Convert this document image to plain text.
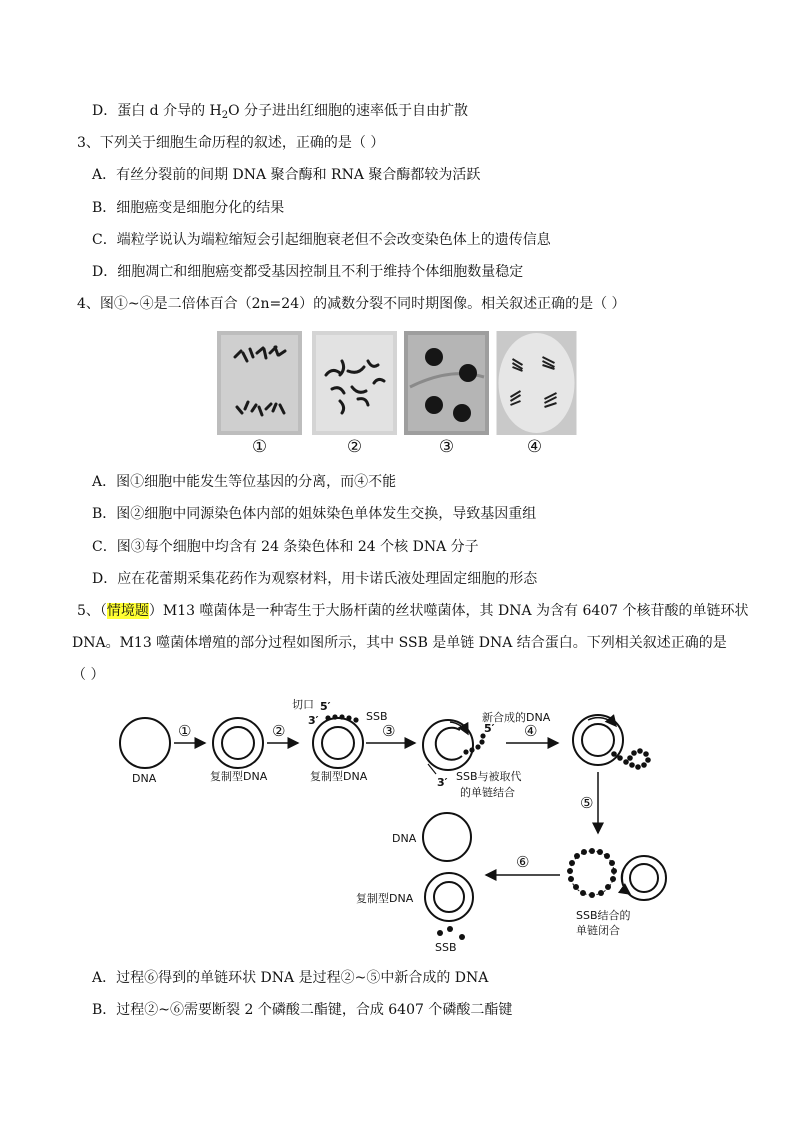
D．蛋白 d 介导的 $H_2O$ 分子进出红细胞的速率低于自由扩散
3、下列关于细胞生命历程的叙述，正确的是（ ）
A．有丝分裂前的间期 DNA 聚合酶和 RNA 聚合酶都较为活跃
B．细胞癌变是细胞分化的结果
C．端粒学说认为端粒缩短会引起细胞衰老但不会改变染色体上的遗传信息
D．细胞凋亡和细胞癌变都受基因控制且不利于维持个体细胞数量稳定
4、图①~④是二倍体百合（2n=24）的减数分裂不同时期图像。相关叙述正确的是（ ）
①	②	③	④
A．图①细胞中能发生等位基因的分离，而④不能
B．图②细胞中同源染色体内部的姐妹染色单体发生交换，导致基因重组
C．图③每个细胞中均含有 24 条染色体和 24 个核 DNA 分子
D．应在花蕾期采集花药作为观察材料，用卡诺氏液处理固定细胞的形态
5、（情境题）M13 噬菌体是一种寄生于大肠杆菌的丝状噬菌体，其 DNA 为含有 6407 个核苷酸的单链环状
DNA。M13 噬菌体增殖的部分过程如图所示，其中 SSB 是单链 DNA 结合蛋白。下列相关叙述正确的是
（ ）
DNA
①
复制型DNA
②
切口 5′
3′	SSB
复制型DNA
③
新合成的DNA
5′
3′ SSB与被取代
的单链结合
④
⑤
SSB结合的
单链闭合
⑥
DNA
复制型DNA
SSB
A．过程⑥得到的单链环状 DNA 是过程②~⑤中新合成的 DNA
B．过程②~⑥需要断裂 2 个磷酸二酯键，合成 6407 个磷酸二酯键
